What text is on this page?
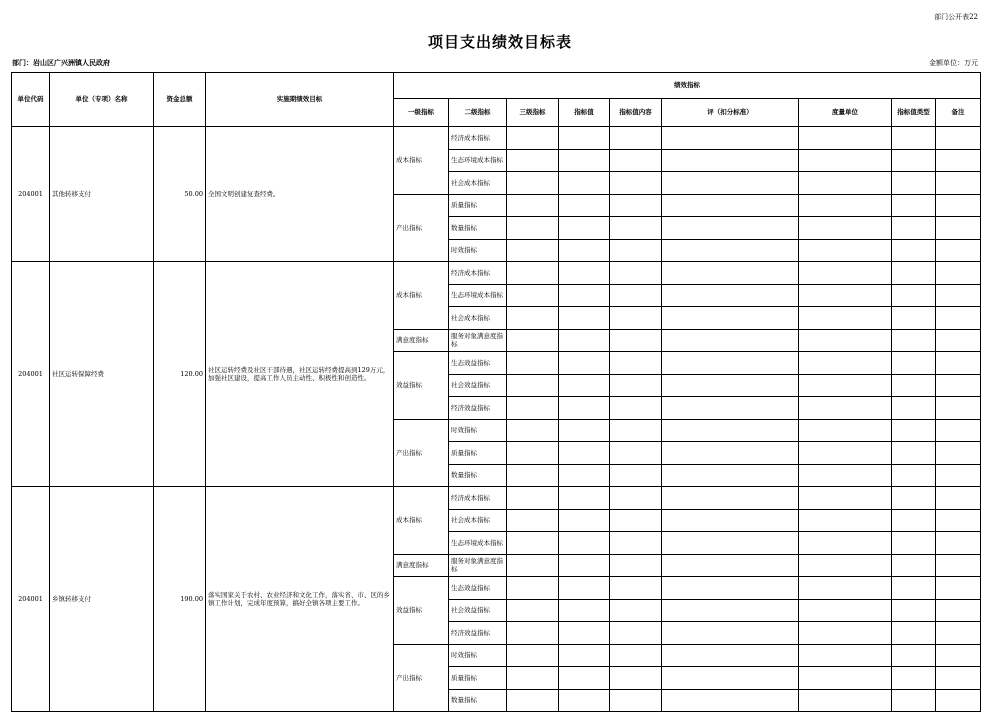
部门公开表22
项目支出绩效目标表
部门：岩山区广兴洲镇人民政府	金额单位：万元
单位代码	单位（专项）名称	资金总额	实施期绩效目标	绩效指标								
				一级指标	二级指标	三级指标	指标值	指标值内容	评（扣分标准）	度量单位	指标值类型	备注
204001	其他转移支付	50.00	全国文明创建复查经费。	成本指标	经济成本指标							
					生态环境成本指标							
					社会成本指标							
				产出指标	质量指标							
					数量指标							
					时效指标							
204001	社区运转保障经费	120.00	社区运转经费及社区干部待遇，社区运转经费提高到129万元，加强社区建设，提高工作人员主动性、积极性和创造性。	成本指标	经济成本指标							
					生态环境成本指标							
					社会成本指标							
				满意度指标	服务对象满意度指标							
				效益指标	生态效益指标							
					社会效益指标							
					经济效益指标							
				产出指标	时效指标							
					质量指标							
					数量指标							
204001	乡镇转移支付	190.00	落实国家关于农村、农业经济和文化工作，落实省、市、区的乡镇工作计划，完成年度预算，搞好全镇各项主要工作。	成本指标	经济成本指标							
					社会成本指标							
					生态环境成本指标							
				满意度指标	服务对象满意度指标							
				效益指标	生态效益指标							
					社会效益指标							
					经济效益指标							
				产出指标	时效指标							
					质量指标							
					数量指标							
